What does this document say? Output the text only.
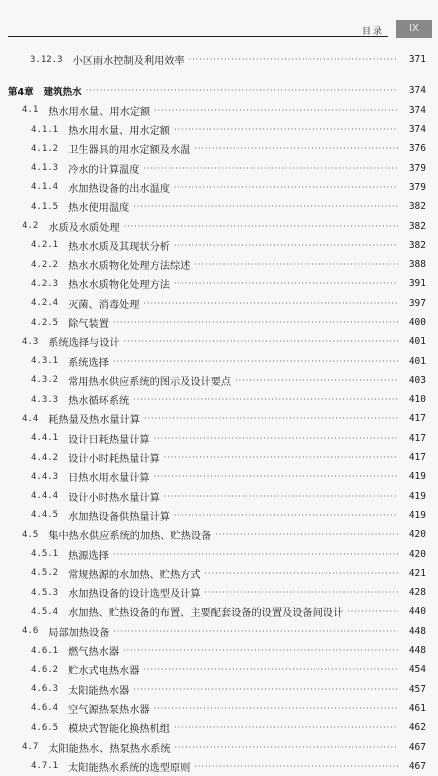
目录	IX
3.12.3 小区雨水控制及利用效率 ·····	371
第4章 建筑热水 ·····	374
4.1 热水用水量、用水定额 ·····	374
4.1.1 热水用水量、用水定额 ·····	374
4.1.2 卫生器具的用水定额及水温 ·····	376
4.1.3 冷水的计算温度 ·····	379
4.1.4 水加热设备的出水温度 ·····	379
4.1.5 热水使用温度 ·····	382
4.2 水质及水质处理 ·····	382
4.2.1 热水水质及其现状分析 ·····	382
4.2.2 热水水质物化处理方法综述 ·····	388
4.2.3 热水水质物化处理方法 ·····	391
4.2.4 灭菌、消毒处理 ·····	397
4.2.5 除气装置 ·····	400
4.3 系统选择与设计 ·····	401
4.3.1 系统选择 ·····	401
4.3.2 常用热水供应系统的图示及设计要点 ·····	403
4.3.3 热水循环系统 ·····	410
4.4 耗热量及热水量计算 ·····	417
4.4.1 设计日耗热量计算 ·····	417
4.4.2 设计小时耗热量计算 ·····	417
4.4.3 日热水用水量计算 ·····	419
4.4.4 设计小时热水量计算 ·····	419
4.4.5 水加热设备供热量计算 ·····	419
4.5 集中热水供应系统的加热、贮热设备 ·····	420
4.5.1 热源选择 ·····	420
4.5.2 常规热源的水加热、贮热方式 ·····	421
4.5.3 水加热设备的设计选型及计算 ·····	428
4.5.4 水加热、贮热设备的布置、主要配套设备的设置及设备间设计 ·····	440
4.6 局部加热设备 ·····	448
4.6.1 燃气热水器 ·····	448
4.6.2 贮水式电热水器 ·····	454
4.6.3 太阳能热水器 ·····	457
4.6.4 空气源热泵热水器 ·····	461
4.6.5 模块式智能化换热机组 ·····	462
4.7 太阳能热水、热泵热水系统 ·····	467
4.7.1 太阳能热水系统的选型原则 ·····	467
